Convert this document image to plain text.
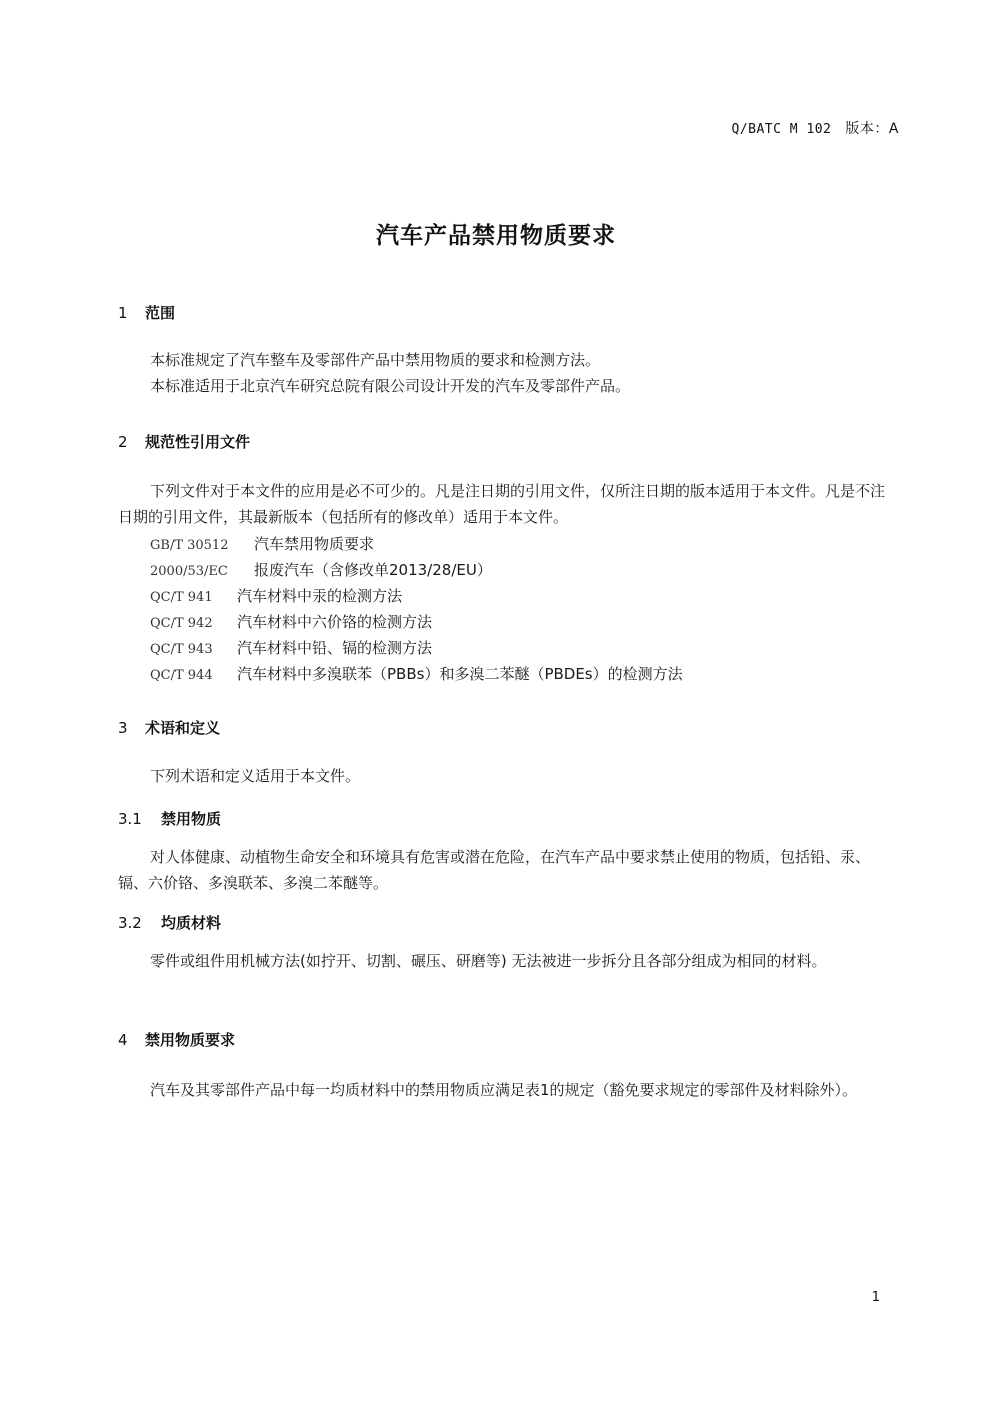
Q/BATC M 102 版本：A
汽车产品禁用物质要求
1 范围
本标准规定了汽车整车及零部件产品中禁用物质的要求和检测方法。
本标准适用于北京汽车研究总院有限公司设计开发的汽车及零部件产品。
2 规范性引用文件
下列文件对于本文件的应用是必不可少的。凡是注日期的引用文件，仅所注日期的版本适用于本文件。凡是不注日期的引用文件，其最新版本（包括所有的修改单）适用于本文件。
GB/T 30512 汽车禁用物质要求
2000/53/EC 报废汽车（含修改单2013/28/EU）
QC/T 941 汽车材料中汞的检测方法
QC/T 942 汽车材料中六价铬的检测方法
QC/T 943 汽车材料中铅、镉的检测方法
QC/T 944 汽车材料中多溴联苯（PBBs）和多溴二苯醚（PBDEs）的检测方法
3 术语和定义
下列术语和定义适用于本文件。
3.1 禁用物质
对人体健康、动植物生命安全和环境具有危害或潜在危险，在汽车产品中要求禁止使用的物质，包括铅、汞、镉、六价铬、多溴联苯、多溴二苯醚等。
3.2 均质材料
零件或组件用机械方法(如拧开、切割、碾压、研磨等) 无法被进一步拆分且各部分组成为相同的材料。
4 禁用物质要求
汽车及其零部件产品中每一均质材料中的禁用物质应满足表1的规定（豁免要求规定的零部件及材料除外）。
1
